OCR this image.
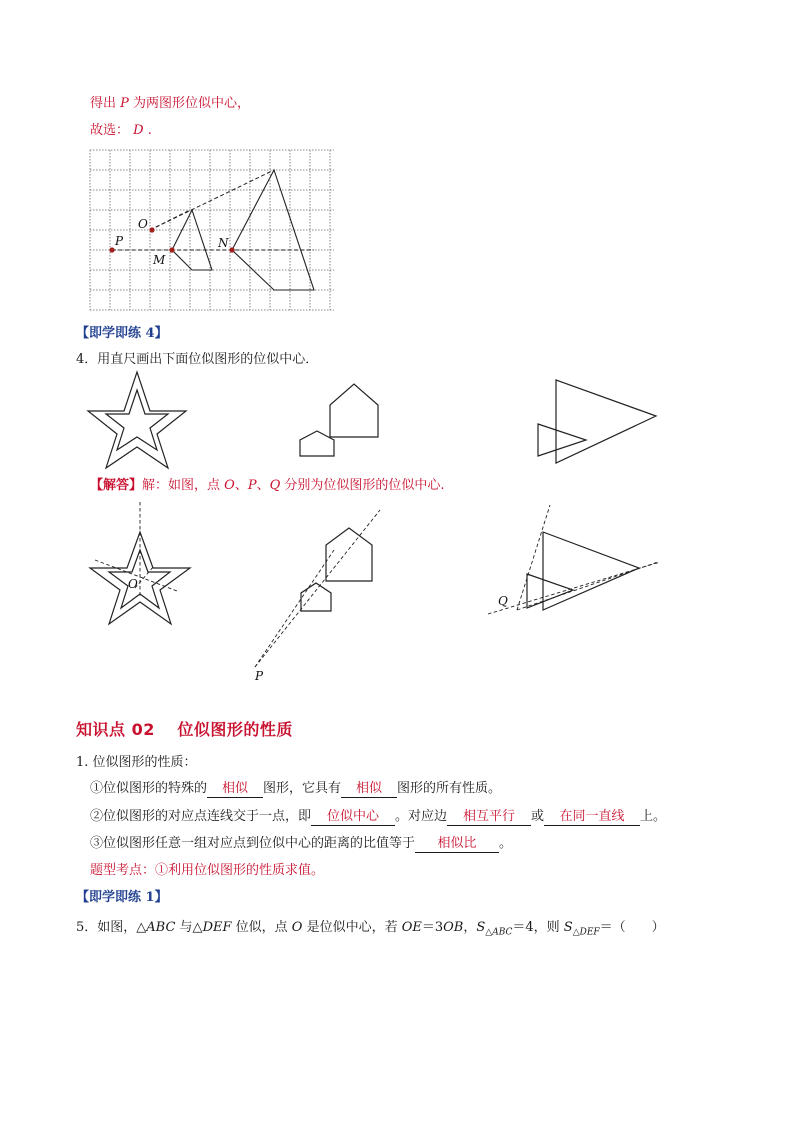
得出 P 为两图形位似中心，
故选： D .
O
P
M
N
【即学即练 4】
4．用直尺画出下面位似图形的位似中心．
【解答】解：如图，点 O、P、Q 分别为位似图形的位似中心.
O
P
Q
知识点 02　 位似图形的性质
1. 位似图形的性质：
①位似图形的特殊的 相似 图形，它具有 相似 图形的所有性质。
②位似图形的对应点连线交于一点，即 位似中心 。对应边 相互平行 或 在同一直线 上。
③位似图形任意一组对应点到位似中心的距离的比值等于 相似比 。
题型考点：①利用位似图形的性质求值。
【即学即练 1】
5．如图，△ABC 与△DEF 位似，点 O 是位似中心，若 OE＝3OB，$S_{\triangle ABC}=4$，则 $S_{\triangle DEF}=$（　　）
